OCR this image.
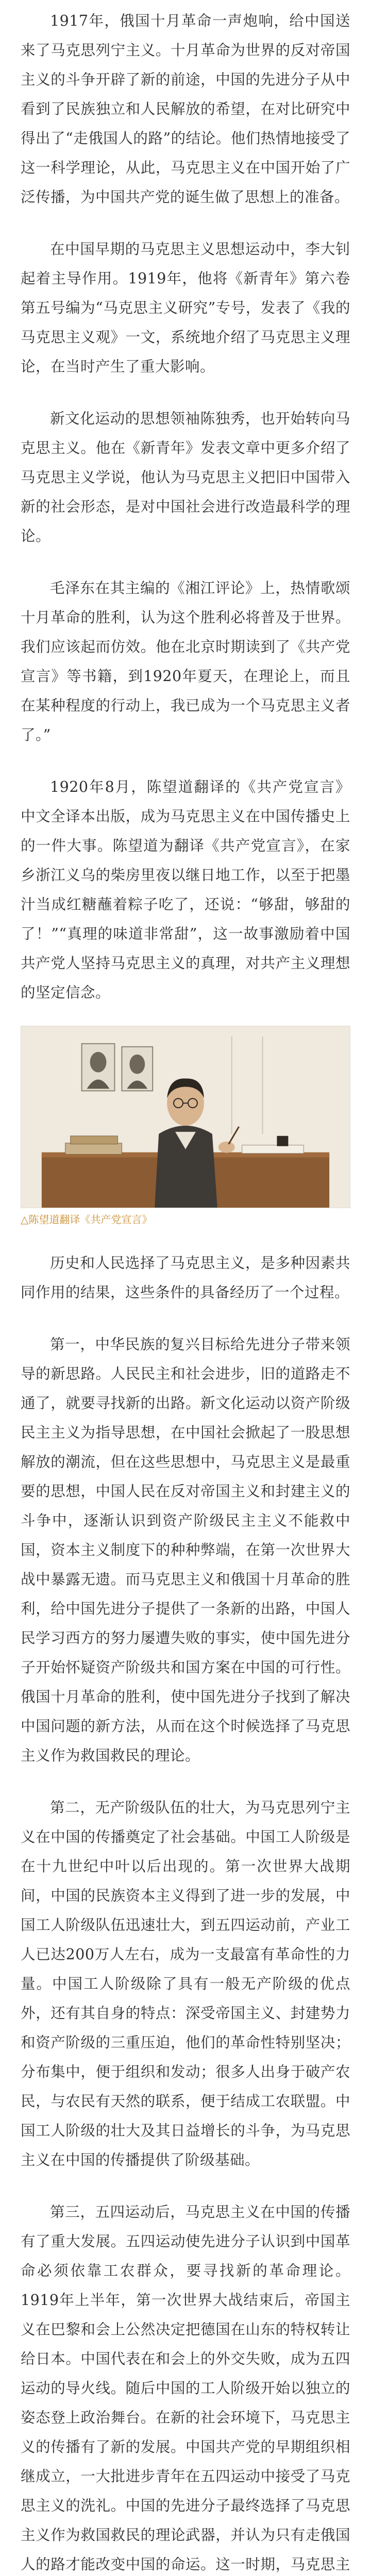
1917年，俄国十月革命一声炮响，给中国送来了马克思列宁主义。十月革命为世界的反对帝国主义的斗争开辟了新的前途，中国的先进分子从中看到了民族独立和人民解放的希望，在对比研究中得出了“走俄国人的路”的结论。他们热情地接受了这一科学理论，从此，马克思主义在中国开始了广泛传播，为中国共产党的诞生做了思想上的准备。

在中国早期的马克思主义思想运动中，李大钊起着主导作用。1919年，他将《新青年》第六卷第五号编为“马克思主义研究”专号，发表了《我的马克思主义观》一文，系统地介绍了马克思主义理论，在当时产生了重大影响。

新文化运动的思想领袖陈独秀，也开始转向马克思主义。他在《新青年》发表文章中更多介绍了马克思主义学说，他认为马克思主义把旧中国带入新的社会形态，是对中国社会进行改造最科学的理论。

毛泽东在其主编的《湘江评论》上，热情歌颂十月革命的胜利，认为这个胜利必将普及于世界。我们应该起而仿效。他在北京时期读到了《共产党宣言》等书籍，到1920年夏天，在理论上，而且在某种程度的行动上，我已成为一个马克思主义者了。”

1920年8月，陈望道翻译的《共产党宣言》中文全译本出版，成为马克思主义在中国传播史上的一件大事。陈望道为翻译《共产党宣言》，在家乡浙江义乌的柴房里夜以继日地工作，以至于把墨汁当成红糖蘸着粽子吃了，还说：“够甜，够甜的了！”“真理的味道非常甜”，这一故事激励着中国共产党人坚持马克思主义的真理，对共产主义理想的坚定信念。

△陈望道翻译《共产党宣言》

历史和人民选择了马克思主义，是多种因素共同作用的结果，这些条件的具备经历了一个过程。

第一，中华民族的复兴目标给先进分子带来领导的新思路。人民民主和社会进步，旧的道路走不通了，就要寻找新的出路。新文化运动以资产阶级民主主义为指导思想，在中国社会掀起了一股思想解放的潮流，但在这些思想中，马克思主义是最重要的思想，中国人民在反对帝国主义和封建主义的斗争中，逐渐认识到资产阶级民主主义不能救中国，资本主义制度下的种种弊端，在第一次世界大战中暴露无遗。而马克思主义和俄国十月革命的胜利，给中国先进分子提供了一条新的出路，中国人民学习西方的努力屡遭失败的事实，使中国先进分子开始怀疑资产阶级共和国方案在中国的可行性。俄国十月革命的胜利，使中国先进分子找到了解决中国问题的新方法，从而在这个时候选择了马克思主义作为救国救民的理论。

第二，无产阶级队伍的壮大，为马克思列宁主义在中国的传播奠定了社会基础。中国工人阶级是在十九世纪中叶以后出现的。第一次世界大战期间，中国的民族资本主义得到了进一步的发展，中国工人阶级队伍迅速壮大，到五四运动前，产业工人已达200万人左右，成为一支最富有革命性的力量。中国工人阶级除了具有一般无产阶级的优点外，还有其自身的特点：深受帝国主义、封建势力和资产阶级的三重压迫，他们的革命性特别坚决；分布集中，便于组织和发动；很多人出身于破产农民，与农民有天然的联系，便于结成工农联盟。中国工人阶级的壮大及其日益增长的斗争，为马克思主义在中国的传播提供了阶级基础。

第三，五四运动后，马克思主义在中国的传播有了重大发展。五四运动使先进分子认识到中国革命必须依靠工农群众，要寻找新的革命理论。1919年上半年，第一次世界大战结束后，帝国主义在巴黎和会上公然决定把德国在山东的特权转让给日本。中国代表在和会上的外交失败，成为五四运动的导火线。随后中国的工人阶级开始以独立的姿态登上政治舞台。在新的社会环境下，马克思主义的传播有了新的发展。中国共产党的早期组织相继成立，一大批进步青年在五四运动中接受了马克思主义的洗礼。中国的先进分子最终选择了马克思主义作为救国救民的理论武器，并认为只有走俄国人的路才能改变中国的命运。这一时期，马克思主
